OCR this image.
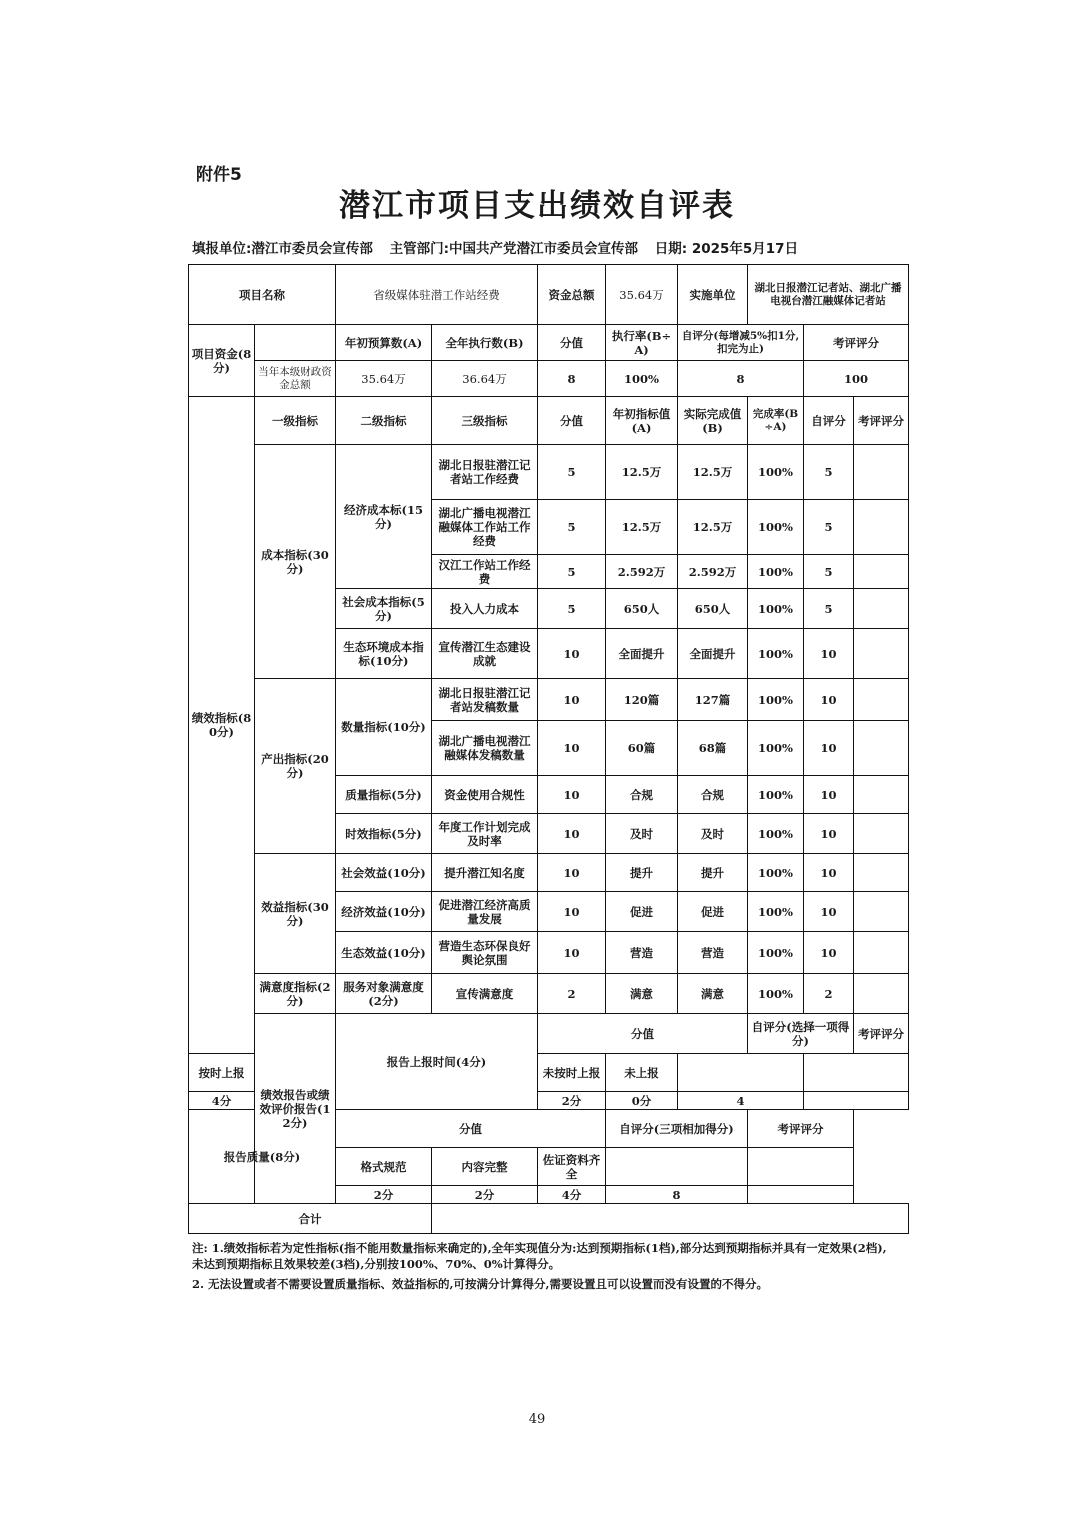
附件5
潜江市项目支出绩效自评表
填报单位:潜江市委员会宣传部 主管部门:中国共产党潜江市委员会宣传部 日期: 2025年5月17日
项目名称		省级媒体驻潜工作站经费		资金总额	35.64万	实施单位	湖北日报潜江记者站、湖北广播电视台潜江融媒体记者站			
项目资金(8分)		年初预算数(A)	全年执行数(B)	分值	执行率(B÷A)	自评分(每增减5%扣1分,扣完为止)		考评评分		
	当年本级财政资金总额	35.64万	36.64万	8	100%	8		100		
绩效指标(80分)	一级指标	二级指标	三级指标	分值	年初指标值(A)	实际完成值(B)	完成率(B÷A)	自评分	考评评分	
	成本指标(30分)	经济成本标(15分)	湖北日报驻潜江记者站工作经费	5	12.5万	12.5万	100%	5		
			湖北广播电视潜江融媒体工作站工作经费	5	12.5万	12.5万	100%	5		
			汉江工作站工作经费	5	2.592万	2.592万	100%	5		
		社会成本指标(5分)	投入人力成本	5	650人	650人	100%	5		
		生态环境成本指标(10分)	宣传潜江生态建设成就	10	全面提升	全面提升	100%	10		
	产出指标(20分)	数量指标(10分)	湖北日报驻潜江记者站发稿数量	10	120篇	127篇	100%	10		
			湖北广播电视潜江融媒体发稿数量	10	60篇	68篇	100%	10		
		质量指标(5分)	资金使用合规性	10	合规	合规	100%	10		
		时效指标(5分)	年度工作计划完成及时率	10	及时	及时	100%	10		
	效益指标(30分)	社会效益(10分)	提升潜江知名度	10	提升	提升	100%	10		
		经济效益(10分)	促进潜江经济高质量发展	10	促进	促进	100%	10		
		生态效益(10分)	营造生态环保良好舆论氛围	10	营造	营造	100%	10		
	满意度指标(2分)	服务对象满意度(2分)	宣传满意度	2	满意	满意	100%	2		
	绩效报告或绩效评价报告(12分)	报告上报时间(4分)		分值			自评分(选择一项得分)		考评评分	
按时上报				未按时上报	未上报					
4分				2分	0分	4				
报告质量(8分)		分值			自评分(三项相加得分)		考评评分			
		格式规范	内容完整	佐证资料齐全						
		2分	2分	4分	8					
合计										

注: 1.绩效指标若为定性指标(指不能用数量指标来确定的),全年实现值分为:达到预期指标(1档),部分达到预期指标并具有一定效果(2档),未达到预期指标且效果较差(3档),分别按100%、70%、0%计算得分。

2. 无法设置或者不需要设置质量指标、效益指标的,可按满分计算得分,需要设置且可以设置而没有设置的不得分。

49
